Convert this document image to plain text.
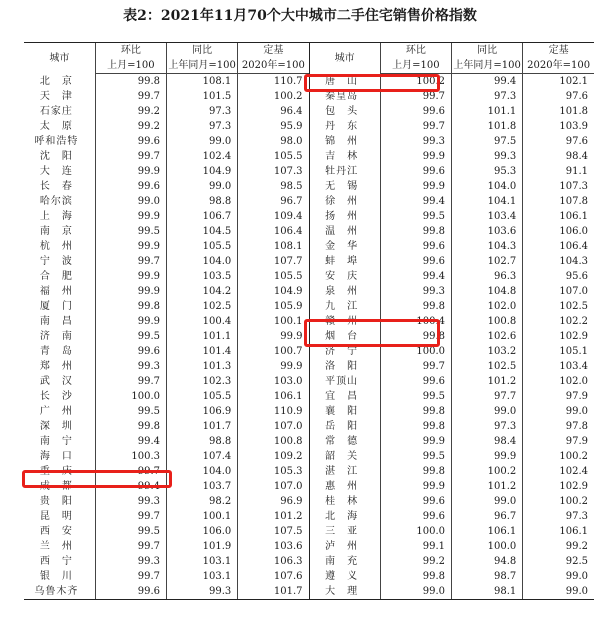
表2：2021年11月70个大中城市二手住宅销售价格指数
城市	环比	同比	定基	城市	环比	同比	定基
	上月=100	上年同月=100	2020年=100		上月=100	上年同月=100	2020年=100
北　京	99.8	108.1	110.7	唐　山	100.2	99.4	102.1
天　津	99.7	101.5	100.2	秦皇岛	99.7	97.3	97.6
石家庄	99.2	97.3	96.4	包　头	99.6	101.1	101.8
太　原	99.2	97.3	95.9	丹　东	99.7	101.8	103.9
呼和浩特	99.6	99.0	98.0	锦　州	99.3	97.5	97.6
沈　阳	99.7	102.4	105.5	吉　林	99.9	99.3	98.4
大　连	99.9	104.9	107.3	牡丹江	99.6	95.3	91.1
长　春	99.6	99.0	98.5	无　锡	99.9	104.0	107.3
哈尔滨	99.0	98.8	96.7	徐　州	99.4	104.1	107.8
上　海	99.9	106.7	109.4	扬　州	99.5	103.4	106.1
南　京	99.5	104.5	106.4	温　州	99.8	103.6	106.0
杭　州	99.9	105.5	108.1	金　华	99.6	104.3	106.4
宁　波	99.7	104.0	107.7	蚌　埠	99.6	102.7	104.3
合　肥	99.9	103.5	105.5	安　庆	99.4	96.3	95.6
福　州	99.9	104.2	104.9	泉　州	99.3	104.8	107.0
厦　门	99.8	102.5	105.9	九　江	99.8	102.0	102.5
南　昌	99.9	100.4	100.1	赣　州	100.4	100.8	102.2
济　南	99.5	101.1	99.9	烟　台	99.8	102.6	102.9
青　岛	99.6	101.4	100.7	济　宁	100.0	103.2	105.1
郑　州	99.3	101.3	99.9	洛　阳	99.7	102.5	103.4
武　汉	99.7	102.3	103.0	平顶山	99.6	101.2	102.0
长　沙	100.0	105.5	106.1	宜　昌	99.5	97.7	97.9
广　州	99.5	106.9	110.9	襄　阳	99.8	99.0	99.0
深　圳	99.8	101.7	107.0	岳　阳	99.8	97.3	97.8
南　宁	99.4	98.8	100.8	常　德	99.9	98.4	97.9
海　口	100.3	107.4	109.2	韶　关	99.5	99.9	100.2
重　庆	99.7	104.0	105.3	湛　江	99.8	100.2	102.4
成　都	99.4	103.7	107.0	惠　州	99.9	101.2	102.9
贵　阳	99.3	98.2	96.9	桂　林	99.6	99.0	100.2
昆　明	99.7	100.1	101.2	北　海	99.6	96.7	97.3
西　安	99.5	106.0	107.5	三　亚	100.0	106.1	106.1
兰　州	99.7	101.9	103.6	泸　州	99.1	100.0	99.2
西　宁	99.3	103.1	106.3	南　充	99.2	94.8	92.5
银　川	99.7	103.1	107.6	遵　义	99.8	98.7	99.0
乌鲁木齐	99.6	99.3	101.7	大　理	99.0	98.1	99.0
